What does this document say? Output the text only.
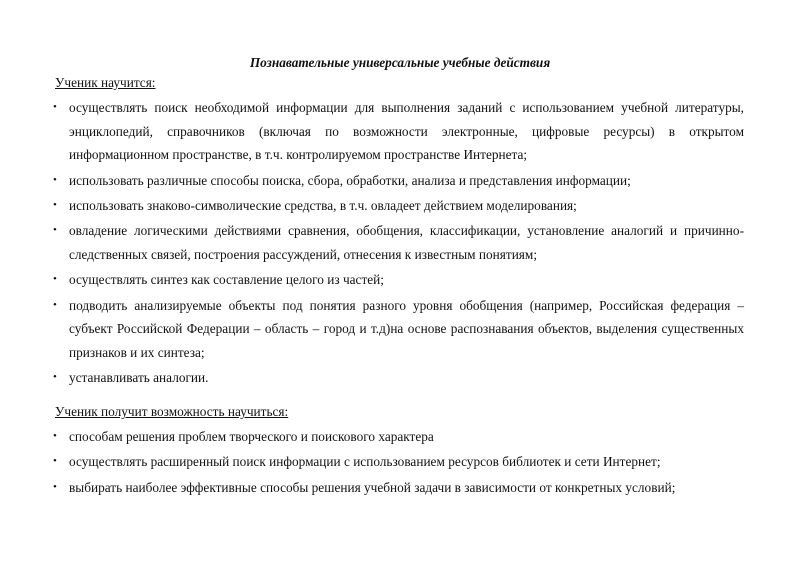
Познавательные универсальные учебные действия
Ученик научится:
• осуществлять поиск необходимой информации для выполнения заданий с использованием учебной литературы, энциклопедий, справочников (включая по возможности электронные, цифровые ресурсы) в открытом информационном пространстве, в т.ч. контролируемом пространстве Интернета;
• использовать различные способы поиска, сбора, обработки, анализа и представления информации;
• использовать знаково-символические средства, в т.ч. овладеет действием моделирования;
• овладение логическими действиями сравнения, обобщения, классификации, установление аналогий и причинно-следственных связей, построения рассуждений, отнесения к известным понятиям;
• осуществлять синтез как составление целого из частей;
• подводить анализируемые объекты под понятия разного уровня обобщения (например, Российская федерация – субъект Российской Федерации – область – город и т.д)на основе распознавания объектов, выделения существенных признаков и их синтеза;
• устанавливать аналогии.
Ученик получит возможность научиться:
• способам решения проблем творческого и поискового характера
• осуществлять расширенный поиск информации с использованием ресурсов библиотек и сети Интернет;
• выбирать наиболее эффективные способы решения учебной задачи в зависимости от конкретных условий;
